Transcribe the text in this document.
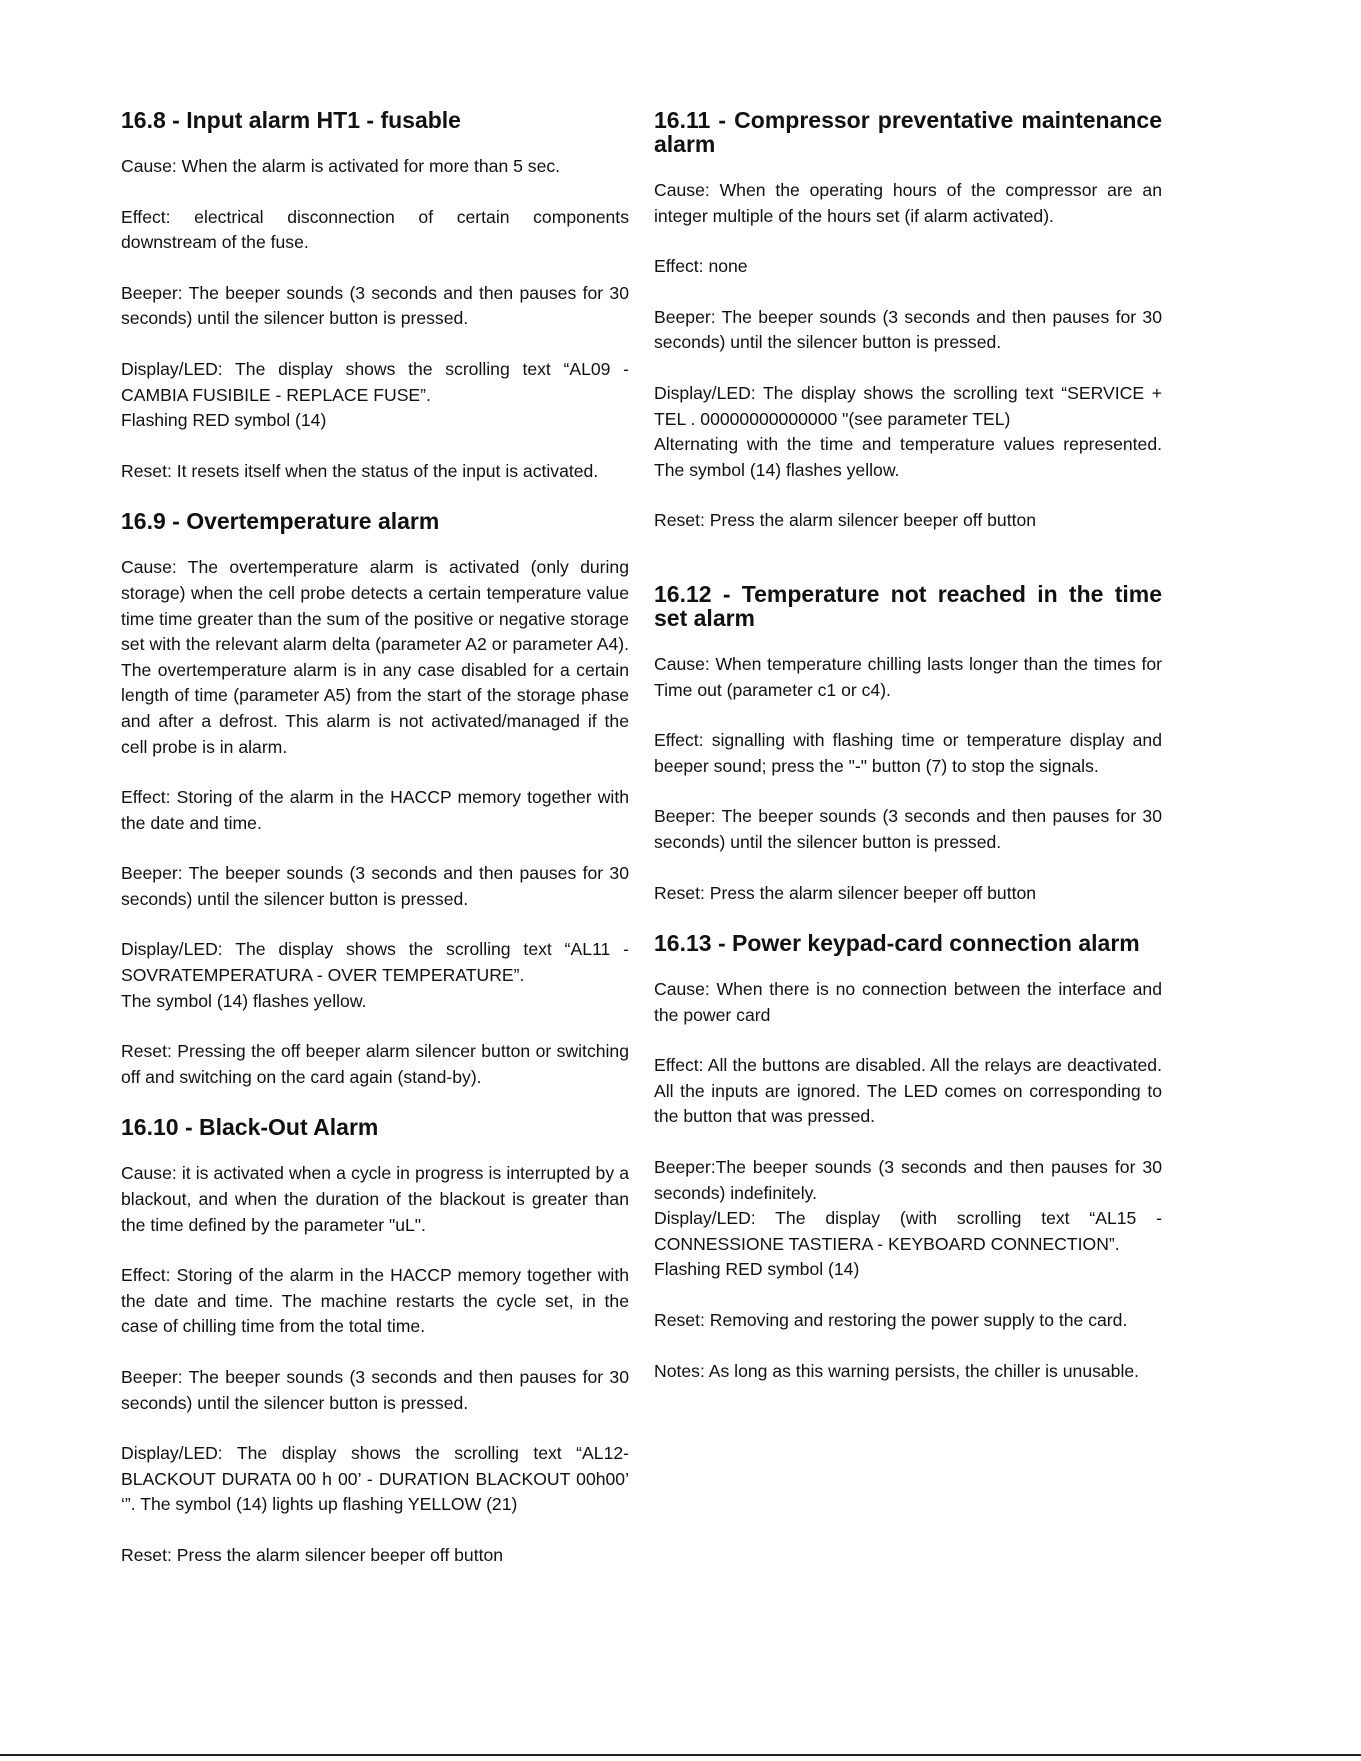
16.8 - Input alarm HT1 - fusable

Cause: When the alarm is activated for more than 5 sec.

Effect: electrical disconnection of certain components downstream of the fuse.

Beeper: The beeper sounds (3 seconds and then pauses for 30 seconds) until the silencer button is pressed.

Display/LED: The display shows the scrolling text “AL09 - CAMBIA FUSIBILE - REPLACE FUSE”.

Flashing RED symbol (14)

Reset: It resets itself when the status of the input is activated.

16.9 - Overtemperature alarm

Cause: The overtemperature alarm is activated (only during storage) when the cell probe detects a certain temperature value time time greater than the sum of the positive or negative storage set with the relevant alarm delta (parameter A2 or parameter A4). The overtemperature alarm is in any case disabled for a certain length of time (parameter A5) from the start of the storage phase and after a defrost. This alarm is not activated/managed if the cell probe is in alarm.

Effect: Storing of the alarm in the HACCP memory together with the date and time.

Beeper: The beeper sounds (3 seconds and then pauses for 30 seconds) until the silencer button is pressed.

Display/LED: The display shows the scrolling text “AL11 - SOVRATEMPERATURA - OVER TEMPERATURE”.

The symbol (14) flashes yellow.

Reset: Pressing the off beeper alarm silencer button or switching off and switching on the card again (stand-by).

16.10 - Black-Out Alarm

Cause: it is activated when a cycle in progress is interrupted by a blackout, and when the duration of the blackout is greater than the time defined by the parameter "uL".

Effect: Storing of the alarm in the HACCP memory together with the date and time. The machine restarts the cycle set, in the case of chilling time from the total time.

Beeper: The beeper sounds (3 seconds and then pauses for 30 seconds) until the silencer button is pressed.

Display/LED: The display shows the scrolling text “AL12- BLACKOUT DURATA 00 h 00’ - DURATION BLACKOUT 00h00’ ‘”. The symbol (14) lights up flashing YELLOW (21)

Reset: Press the alarm silencer beeper off button

16.11 - Compressor preventative maintenance alarm

Cause: When the operating hours of the compressor are an integer multiple of the hours set (if alarm activated).

Effect: none

Beeper: The beeper sounds (3 seconds and then pauses for 30 seconds) until the silencer button is pressed.

Display/LED: The display shows the scrolling text “SERVICE + TEL . 00000000000000 "(see parameter TEL)

Alternating with the time and temperature values represented. The symbol (14) flashes yellow.

Reset: Press the alarm silencer beeper off button

16.12 - Temperature not reached in the time set alarm

Cause: When temperature chilling lasts longer than the times for Time out (parameter c1 or c4).

Effect: signalling with flashing time or temperature display and beeper sound; press the "-" button (7) to stop the signals.

Beeper: The beeper sounds (3 seconds and then pauses for 30 seconds) until the silencer button is pressed.

Reset: Press the alarm silencer beeper off button

16.13 - Power keypad-card connection alarm

Cause: When there is no connection between the interface and the power card

Effect: All the buttons are disabled. All the relays are deactivated. All the inputs are ignored. The LED comes on corresponding to the button that was pressed.

Beeper:The beeper sounds (3 seconds and then pauses for 30 seconds) indefinitely.

Display/LED: The display (with scrolling text “AL15 - CONNESSIONE TASTIERA - KEYBOARD CONNECTION”.

Flashing RED symbol (14)

Reset: Removing and restoring the power supply to the card.

Notes: As long as this warning persists, the chiller is unusable.
